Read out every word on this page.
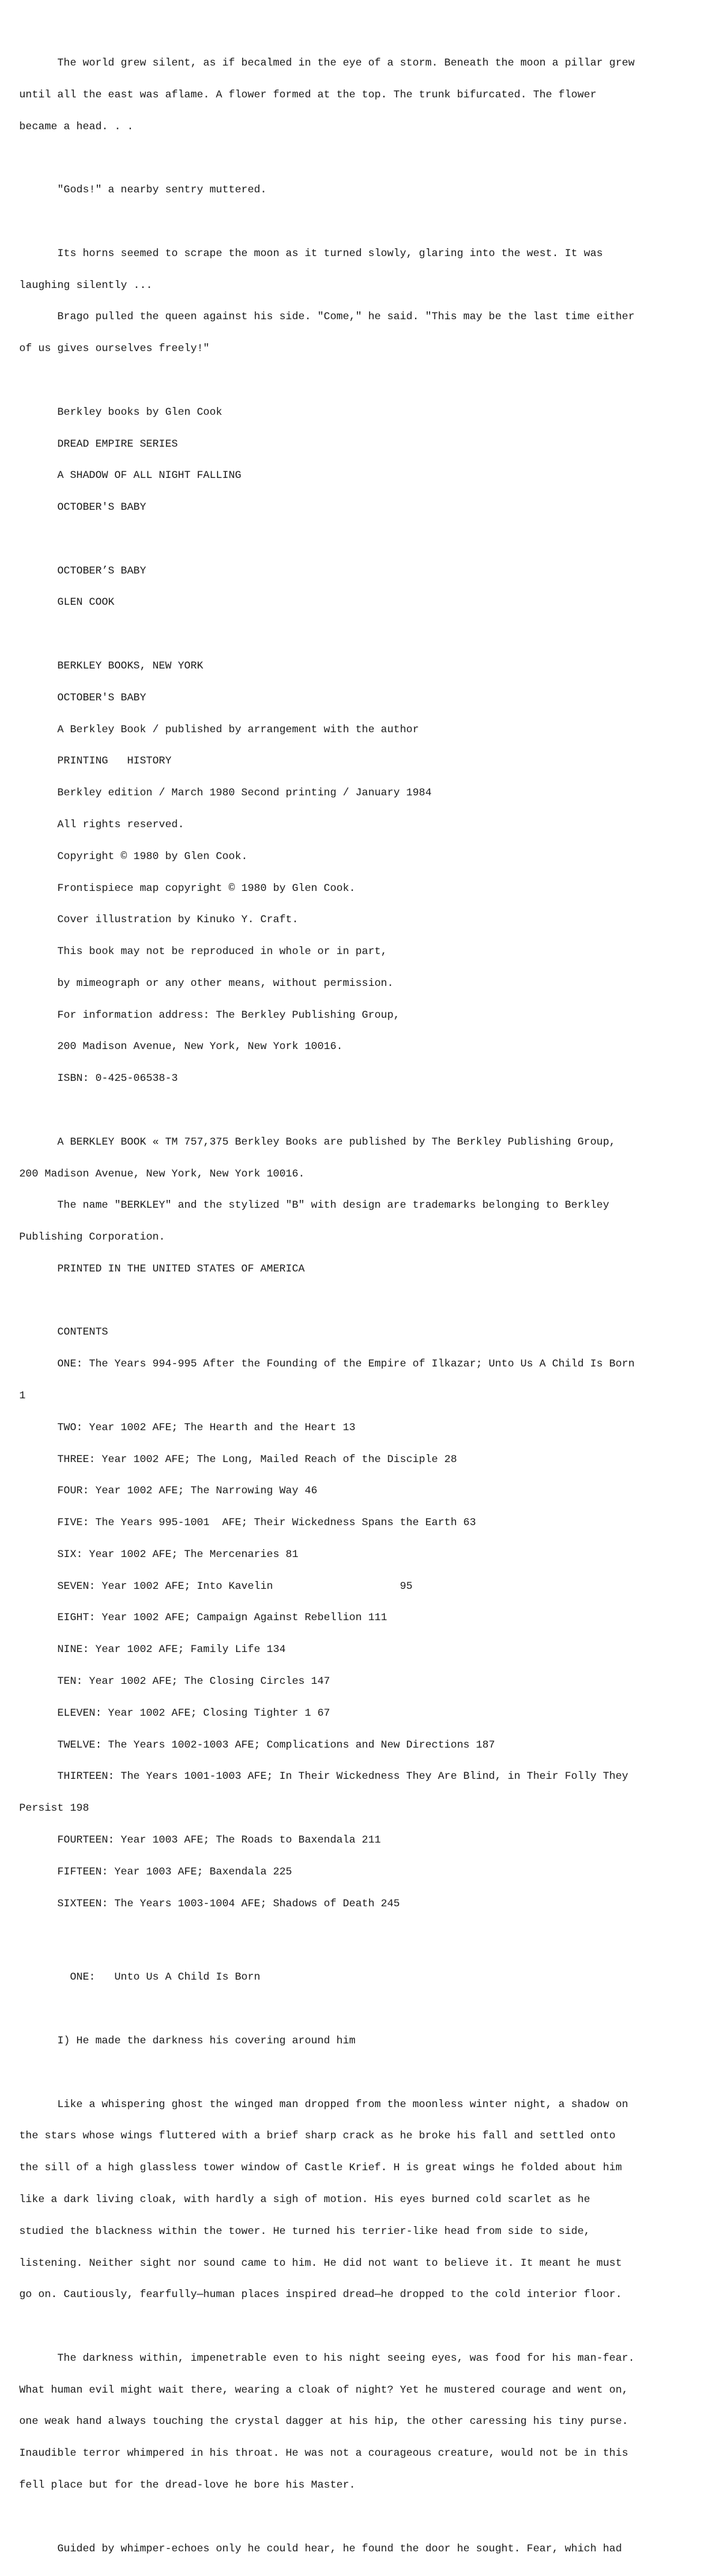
The world grew silent, as if becalmed in the eye of a storm. Beneath the moon a pillar grew

until all the east was aflame. A flower formed at the top. The trunk bifurcated. The flower

became a head. . .

"Gods!" a nearby sentry muttered.

Its horns seemed to scrape the moon as it turned slowly, glaring into the west. It was

laughing silently ...

Brago pulled the queen against his side. "Come," he said. "This may be the last time either

of us gives ourselves freely!"

Berkley books by Glen Cook

DREAD EMPIRE SERIES

A SHADOW OF ALL NIGHT FALLING

OCTOBER'S BABY

OCTOBER’S BABY

GLEN COOK

BERKLEY BOOKS, NEW YORK

OCTOBER'S BABY

A Berkley Book / published by arrangement with the author

PRINTING   HISTORY

Berkley edition / March 1980 Second printing / January 1984

All rights reserved.

Copyright © 1980 by Glen Cook.

Frontispiece map copyright © 1980 by Glen Cook.

Cover illustration by Kinuko Y. Craft.

This book may not be reproduced in whole or in part,

by mimeograph or any other means, without permission.

For information address: The Berkley Publishing Group,

200 Madison Avenue, New York, New York 10016.

ISBN: 0-425-06538-3

A BERKLEY BOOK « TM 757,375 Berkley Books are published by The Berkley Publishing Group,

200 Madison Avenue, New York, New York 10016.

The name "BERKLEY" and the stylized "B" with design are trademarks belonging to Berkley

Publishing Corporation.

PRINTED IN THE UNITED STATES OF AMERICA

CONTENTS

ONE: The Years 994-995 After the Founding of the Empire of Ilkazar; Unto Us A Child Is Born

1

TWO: Year 1002 AFE; The Hearth and the Heart 13

THREE: Year 1002 AFE; The Long, Mailed Reach of the Disciple 28

FOUR: Year 1002 AFE; The Narrowing Way 46

FIVE: The Years 995-1001  AFE; Their Wickedness Spans the Earth 63

SIX: Year 1002 AFE; The Mercenaries 81

SEVEN: Year 1002 AFE; Into Kavelin                    95

EIGHT: Year 1002 AFE; Campaign Against Rebellion 111

NINE: Year 1002 AFE; Family Life 134

TEN: Year 1002 AFE; The Closing Circles 147

ELEVEN: Year 1002 AFE; Closing Tighter 1 67

TWELVE: The Years 1002-1003 AFE; Complications and New Directions 187

THIRTEEN: The Years 1001-1003 AFE; In Their Wickedness They Are Blind, in Their Folly They

Persist 198

FOURTEEN: Year 1003 AFE; The Roads to Baxendala 211

FIFTEEN: Year 1003 AFE; Baxendala 225

SIXTEEN: The Years 1003-1004 AFE; Shadows of Death 245

ONE:   Unto Us A Child Is Born

I) He made the darkness his covering around him

Like a whispering ghost the winged man dropped from the moonless winter night, a shadow on

the stars whose wings fluttered with a brief sharp crack as he broke his fall and settled onto

the sill of a high glassless tower window of Castle Krief. H is great wings he folded about him

like a dark living cloak, with hardly a sigh of motion. His eyes burned cold scarlet as he

studied the blackness within the tower. He turned his terrier-like head from side to side,

listening. Neither sight nor sound came to him. He did not want to believe it. It meant he must

go on. Cautiously, fearfully—human places inspired dread—he dropped to the cold interior floor.

The darkness within, impenetrable even to his night seeing eyes, was food for his man-fear.

What human evil might wait there, wearing a cloak of night? Yet he mustered courage and went on,

one weak hand always touching the crystal dagger at his hip, the other caressing his tiny purse.

Inaudible terror whimpered in his throat. He was not a courageous creature, would not be in this

fell place but for the dread-love he bore his Master.

Guided by whimper-echoes only he could hear, he found the door he sought. Fear, which had
